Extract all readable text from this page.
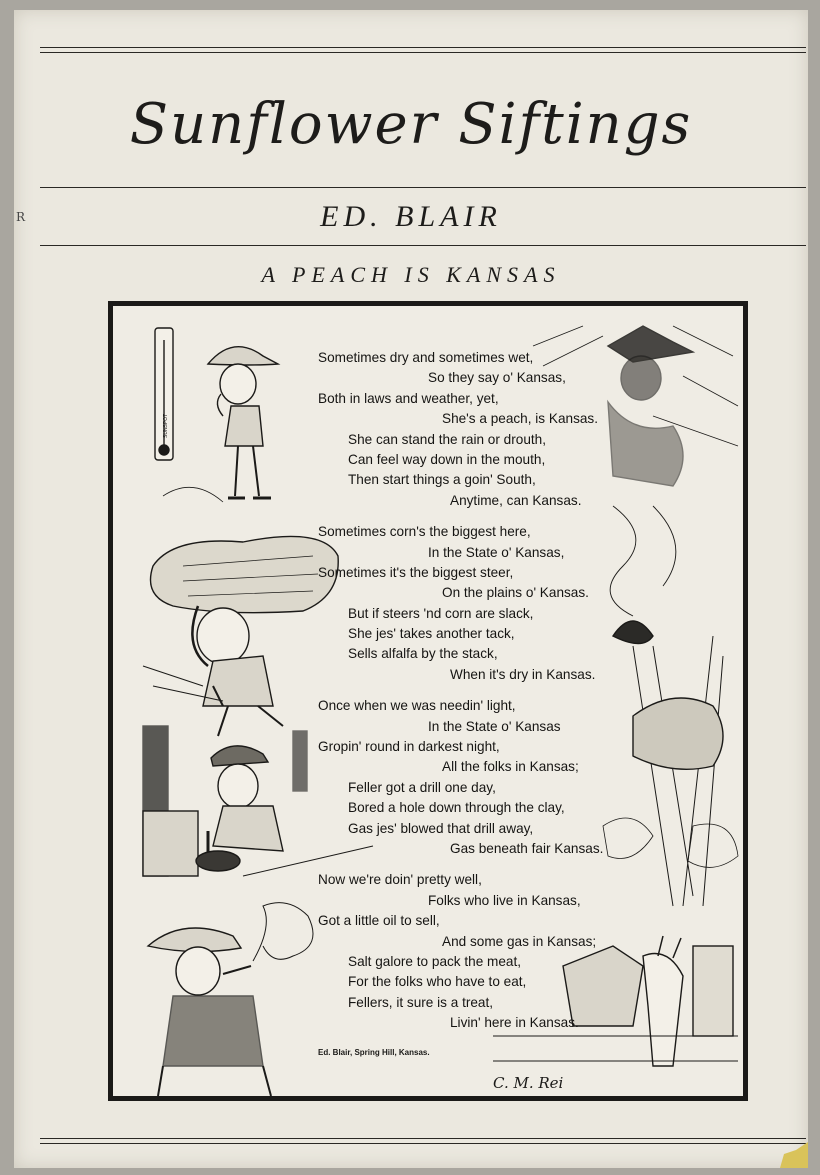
R
Sunflower Siftings
ED. BLAIR
A PEACH IS KANSAS
SUNSPOT
C. M. Rei
Sometimes dry and sometimes wet,
So they say o' Kansas,
Both in laws and weather, yet,
She's a peach, is Kansas.
She can stand the rain or drouth,
Can feel way down in the mouth,
Then start things a goin' South,
Anytime, can Kansas.
Sometimes corn's the biggest here,
In the State o' Kansas,
Sometimes it's the biggest steer,
On the plains o' Kansas.
But if steers 'nd corn are slack,
She jes' takes another tack,
Sells alfalfa by the stack,
When it's dry in Kansas.
Once when we was needin' light,
In the State o' Kansas
Gropin' round in darkest night,
All the folks in Kansas;
Feller got a drill one day,
Bored a hole down through the clay,
Gas jes' blowed that drill away,
Gas beneath fair Kansas.
Now we're doin' pretty well,
Folks who live in Kansas,
Got a little oil to sell,
And some gas in Kansas;
Salt galore to pack the meat,
For the folks who have to eat,
Fellers, it sure is a treat,
Livin' here in Kansas.
Ed. Blair, Spring Hill, Kansas.
